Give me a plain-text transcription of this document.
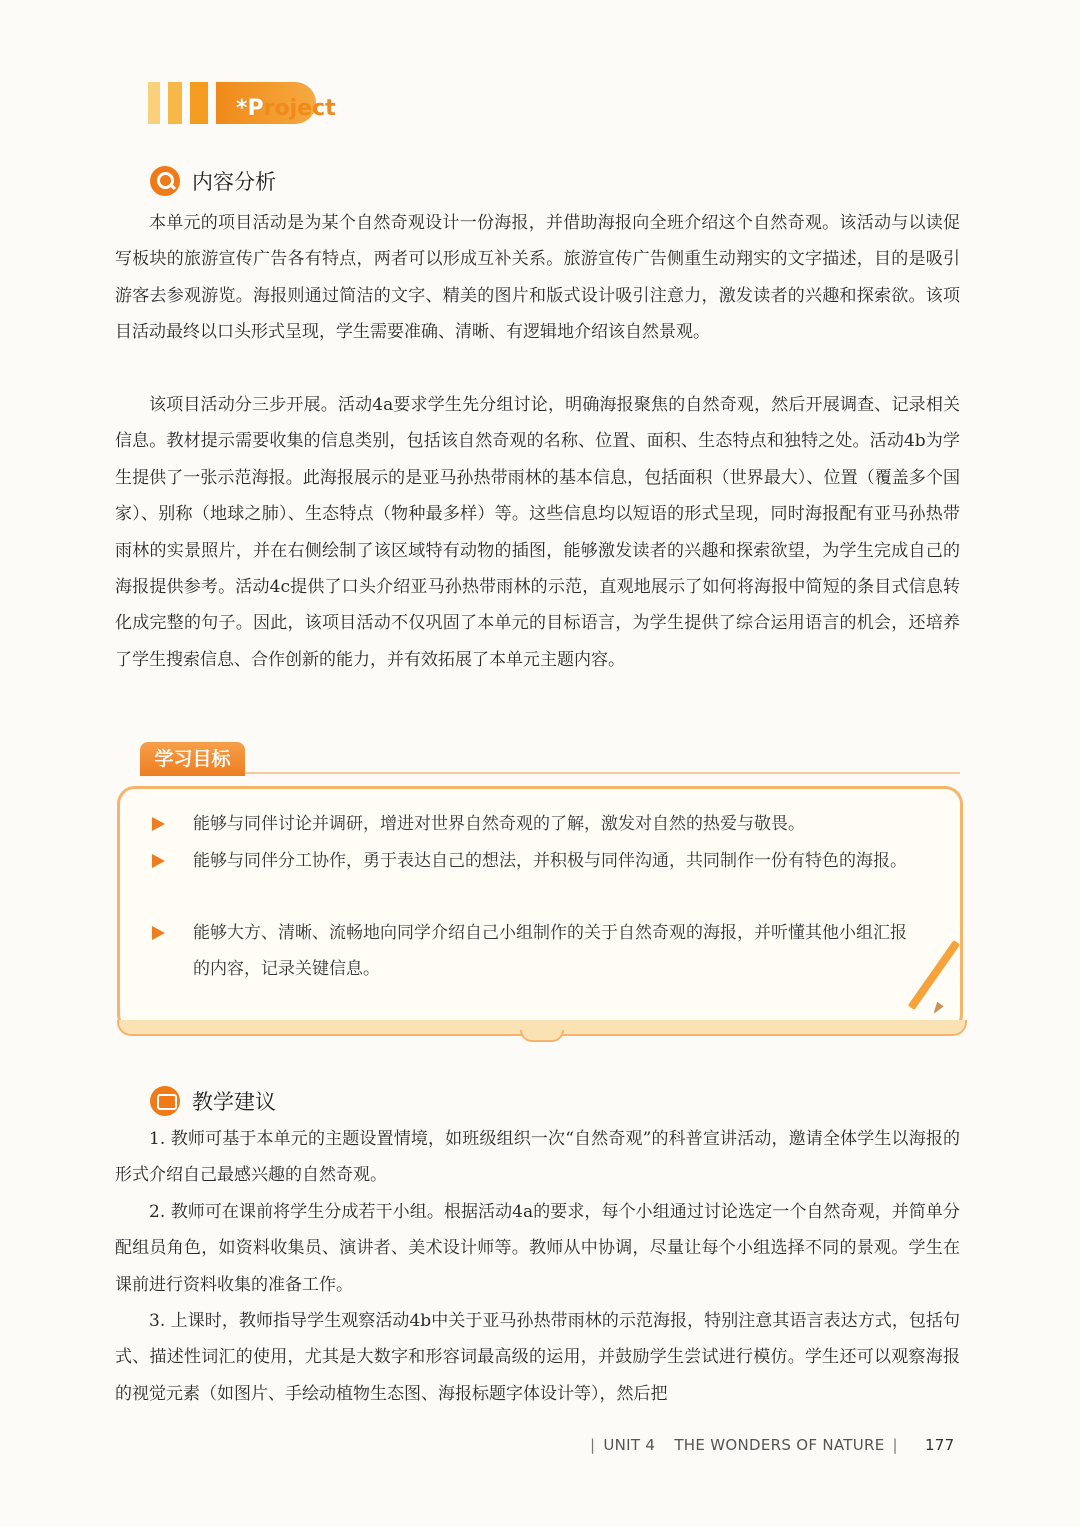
*Project
内容分析

本单元的项目活动是为某个自然奇观设计一份海报，并借助海报向全班介绍这个自然奇观。该活动与以读促写板块的旅游宣传广告各有特点，两者可以形成互补关系。旅游宣传广告侧重生动翔实的文字描述，目的是吸引游客去参观游览。海报则通过简洁的文字、精美的图片和版式设计吸引注意力，激发读者的兴趣和探索欲。该项目活动最终以口头形式呈现，学生需要准确、清晰、有逻辑地介绍该自然景观。

该项目活动分三步开展。活动4a要求学生先分组讨论，明确海报聚焦的自然奇观，然后开展调查、记录相关信息。教材提示需要收集的信息类别，包括该自然奇观的名称、位置、面积、生态特点和独特之处。活动4b为学生提供了一张示范海报。此海报展示的是亚马孙热带雨林的基本信息，包括面积（世界最大）、位置（覆盖多个国家）、别称（地球之肺）、生态特点（物种最多样）等。这些信息均以短语的形式呈现，同时海报配有亚马孙热带雨林的实景照片，并在右侧绘制了该区域特有动物的插图，能够激发读者的兴趣和探索欲望，为学生完成自己的海报提供参考。活动4c提供了口头介绍亚马孙热带雨林的示范，直观地展示了如何将海报中简短的条目式信息转化成完整的句子。因此，该项目活动不仅巩固了本单元的目标语言，为学生提供了综合运用语言的机会，还培养了学生搜索信息、合作创新的能力，并有效拓展了本单元主题内容。

学习目标
能够与同伴讨论并调研，增进对世界自然奇观的了解，激发对自然的热爱与敬畏。
能够与同伴分工协作，勇于表达自己的想法，并积极与同伴沟通，共同制作一份有特色的海报。
能够大方、清晰、流畅地向同学介绍自己小组制作的关于自然奇观的海报，并听懂其他小组汇报的内容，记录关键信息。
教学建议

1. 教师可基于本单元的主题设置情境，如班级组织一次“自然奇观”的科普宣讲活动，邀请全体学生以海报的形式介绍自己最感兴趣的自然奇观。

2. 教师可在课前将学生分成若干小组。根据活动4a的要求，每个小组通过讨论选定一个自然奇观，并简单分配组员角色，如资料收集员、演讲者、美术设计师等。教师从中协调，尽量让每个小组选择不同的景观。学生在课前进行资料收集的准备工作。

3. 上课时，教师指导学生观察活动4b中关于亚马孙热带雨林的示范海报，特别注意其语言表达方式，包括句式、描述性词汇的使用，尤其是大数字和形容词最高级的运用，并鼓励学生尝试进行模仿。学生还可以观察海报的视觉元素（如图片、手绘动植物生态图、海报标题字体设计等），然后把

| UNIT 4 THE WONDERS OF NATURE | 177
